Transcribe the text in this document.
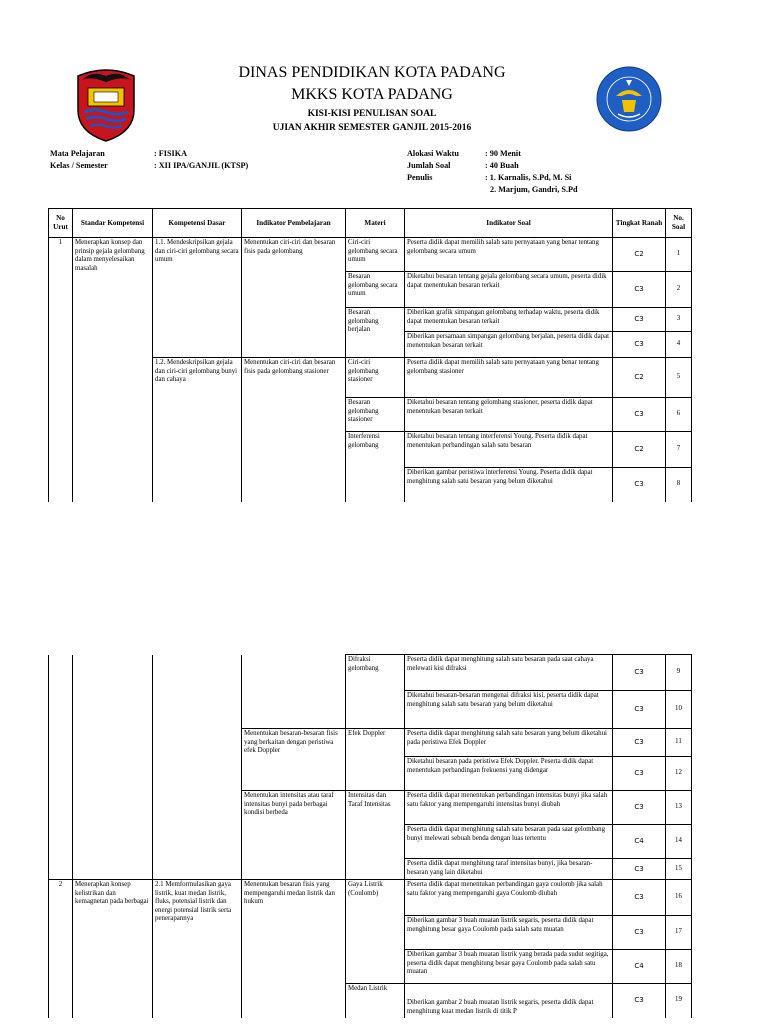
DINAS PENDIDIKAN KOTA PADANG
MKKS KOTA PADANG
KISI-KISI PENULISAN SOAL
UJIAN AKHIR SEMESTER GANJIL 2015-2016
Mata Pelajaran
Kelas / Semester
: FISIKA
: XII IPA/GANJIL (KTSP)
Alokasi Waktu
Jumlah Soal
Penulis
: 90 Menit
: 40 Buah
: 1. Karnalis, S.Pd, M. Si
2. Marjum, Gandri, S.Pd
No Urut	Standar Kompetensi	Kompetensi Dasar	Indikator Pembelajaran	Materi	Indikator Soal	Tingkat Ranah	No. Soal
1	Menerapkan konsep dan prinsip gejala gelombang dalam menyelesaikan masalah	1.1. Mendeskripsikan gejala dan ciri-ciri gelombang secara umum	Menentukan ciri-ciri dan besaran fisis pada gelombang	Ciri-ciri gelombang secara umum	Peserta didik dapat memilih salah satu pernyataan yang benar tentang gelombang secara umum	C2	1
				Besaran gelombang secara umum	Diketahui besaran tentang gejala gelombang secara umum, peserta didik dapat menentukan besaran terkait	C3	2
				Besaran gelombang berjalan	Diberikan grafik simpangan gelombang terhadap waktu, peserta didik dapat menentukan besaran terkait	C3	3
					Diberikan persamaan simpangan gelombang berjalan, peserta didik dapat menentukan besaran terkait	C3	4
		1.2. Mendeskripsikan gejala dan ciri-ciri gelombang bunyi dan cahaya	Menentukan ciri-ciri dan besaran fisis pada gelombang stasioner	Ciri-ciri gelombang stasioner	Peserta didik dapat memilih salah satu pernyataan yang benar tentang gelombang stasioner	C2	5
				Besaran gelombang stasioner	Diketahui besaran tentang gelombang stasioner, peserta didik dapat menentukan besaran terkait	C3	6
				Interferensi gelombang	Diketahui besaran tentang interferensi Young. Peserta didik dapat menentukan perbandingan salah satu besaran	C2	7
					Diberikan gambar peristiwa interferensi Young. Peserta didik dapat menghitung salah satu besaran yang belum diketahui	C3	8
				Difraksi gelombang	Peserta didik dapat menghitung salah satu besaran pada saat cahaya melewati kisi difraksi	C3	9
					Diketahui besaran-besaran mengenai difraksi kisi, peserta didik dapat menghitung salah satu besaran yang belum diketahui	C3	10
			Menentukan besaran-besaran fisis yang berkaitan dengan peristiwa efek Doppler	Efek Doppler	Peserta didik dapat menghitung salah satu besaran yang belum diketahui pada peristiwa Efek Doppler	C3	11
					Diketahui besaran pada peristiwa Efek Doppler. Peserta didik dapat menentukan perbandingan frekuensi yang didengar	C3	12
			Menentukan intensitas atau taraf intensitas bunyi pada berbagai kondisi berbeda	Intensitas dan Taraf Intensitas	Peserta didik dapat menentukan perbandingan intensitas bunyi jika salah satu faktor yang mempengaruhi intensitas bunyi diubah	C3	13
					Peserta didik dapat menghitung salah satu besaran pada saat gelombang bunyi melewati sebuah benda dengan luas tertentu	C4	14
					Peserta didik dapat menghitung taraf intensitas bunyi, jika besaran-besaran yang lain diketahui	C3	15
2	Menerapkan konsep kelistrikan dan kemagnetan pada berbagai	2.1 Memformulasikan gaya listrik, kuat medan listrik, fluks, potensial listrik dan energi potensial listrik serta penerapannya	Menentukan besaran fisis yang mempengaruhi medan listrik dan hukum	Gaya Listrik (Coulomb)	Peserta didik dapat menentukan perbandingan gaya coulomb jika salah satu faktor yang mempengaruhi gaya Coulomb diubah	C3	16
					Diberikan gambar 3 buah muatan listrik segaris, peserta didik dapat menghitung besar gaya Coulomb pada salah satu muatan	C3	17
					Diberikan gambar 3 buah muatan listrik yang berada pada sudut segitiga, peserta didik dapat menghitung besar gaya Coulomb pada salah satu muatan	C4	18
				Medan Listrik	Diberikan gambar 2 buah muatan listrik segaris, peserta didik dapat menghitung kuat medan listrik di titik P	C3	19
